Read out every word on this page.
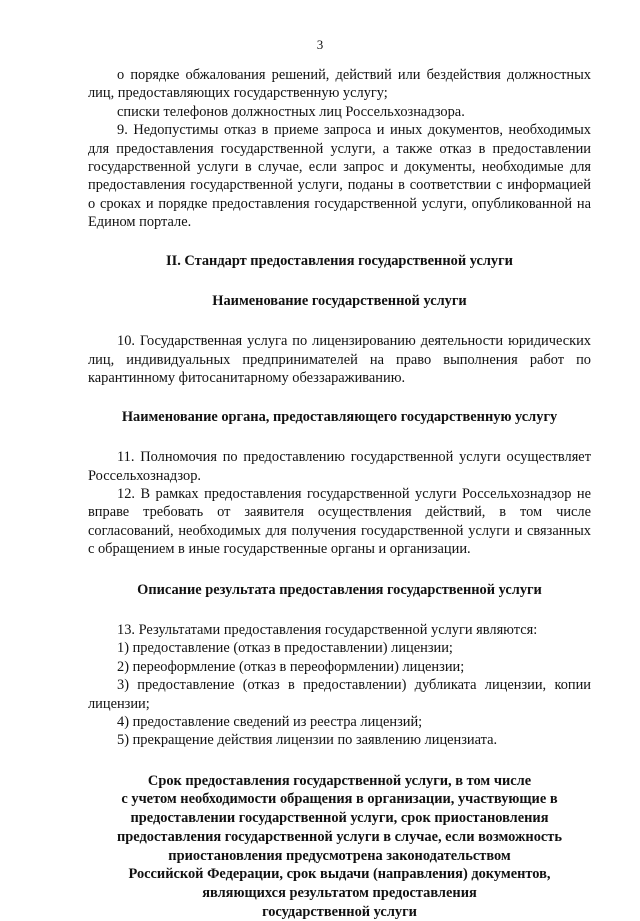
3

о порядке обжалования решений, действий или бездействия должностных лиц, предоставляющих государственную услугу;

списки телефонов должностных лиц Россельхознадзора.

9. Недопустимы отказ в приеме запроса и иных документов, необходимых для предоставления государственной услуги, а также отказ в предоставлении государственной услуги в случае, если запрос и документы, необходимые для предоставления государственной услуги, поданы в соответствии с информацией о сроках и порядке предоставления государственной услуги, опубликованной на Едином портале.

II. Стандарт предоставления государственной услуги

Наименование государственной услуги

10. Государственная услуга по лицензированию деятельности юридических лиц, индивидуальных предпринимателей на право выполнения работ по карантинному фитосанитарному обеззараживанию.

Наименование органа, предоставляющего государственную услугу

11. Полномочия по предоставлению государственной услуги осуществляет Россельхознадзор.

12. В рамках предоставления государственной услуги Россельхознадзор не вправе требовать от заявителя осуществления действий, в том числе согласований, необходимых для получения государственной услуги и связанных с обращением в иные государственные органы и организации.

Описание результата предоставления государственной услуги

13. Результатами предоставления государственной услуги являются:

1) предоставление (отказ в предоставлении) лицензии;

2) переоформление (отказ в переоформлении) лицензии;

3) предоставление (отказ в предоставлении) дубликата лицензии, копии лицензии;

4) предоставление сведений из реестра лицензий;

5) прекращение действия лицензии по заявлению лицензиата.

Срок предоставления государственной услуги, в том числе
с учетом необходимости обращения в организации, участвующие в
предоставлении государственной услуги, срок приостановления
предоставления государственной услуги в случае, если возможность
приостановления предусмотрена законодательством
Российской Федерации, срок выдачи (направления) документов,
являющихся результатом предоставления
государственной услуги
